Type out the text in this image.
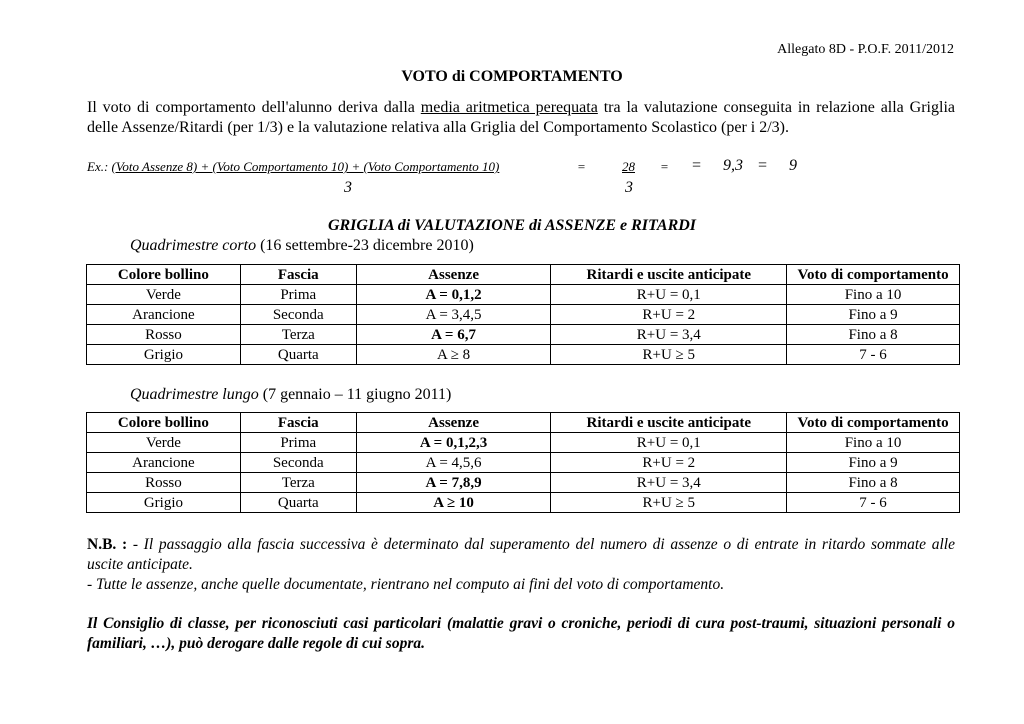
Allegato 8D - P.O.F. 2011/2012
VOTO di COMPORTAMENTO
Il voto di comportamento dell'alunno deriva dalla media aritmetica perequata tra la valutazione conseguita in relazione alla Griglia delle Assenze/Ritardi (per 1/3) e la valutazione relativa alla Griglia del Comportamento Scolastico (per i 2/3).
Ex.: (Voto Assenze 8) + (Voto Comportamento 10) + (Voto Comportamento 10)	=	28 = = 9,3 = 9
3	3
GRIGLIA di VALUTAZIONE di ASSENZE e RITARDI
Quadrimestre corto (16 settembre-23 dicembre 2010)
Colore bollino	Fascia	Assenze	Ritardi e uscite anticipate	Voto di comportamento
Verde	Prima	A = 0,1,2	R+U = 0,1	Fino a 10
Arancione	Seconda	A = 3,4,5	R+U = 2	Fino a 9
Rosso	Terza	A = 6,7	R+U = 3,4	Fino a 8
Grigio	Quarta	A ≥ 8	R+U ≥ 5	7 - 6
Quadrimestre lungo (7 gennaio – 11 giugno 2011)
Colore bollino	Fascia	Assenze	Ritardi e uscite anticipate	Voto di comportamento
Verde	Prima	A = 0,1,2,3	R+U = 0,1	Fino a 10
Arancione	Seconda	A = 4,5,6	R+U = 2	Fino a 9
Rosso	Terza	A = 7,8,9	R+U = 3,4	Fino a 8
Grigio	Quarta	A ≥ 10	R+U ≥ 5	7 - 6
N.B. : - Il passaggio alla fascia successiva è determinato dal superamento del numero di assenze o di entrate in ritardo sommate alle uscite anticipate.
- Tutte le assenze, anche quelle documentate, rientrano nel computo ai fini del voto di comportamento.
Il Consiglio di classe, per riconosciuti casi particolari (malattie gravi o croniche, periodi di cura post-traumi, situazioni personali o familiari, …), può derogare dalle regole di cui sopra.
